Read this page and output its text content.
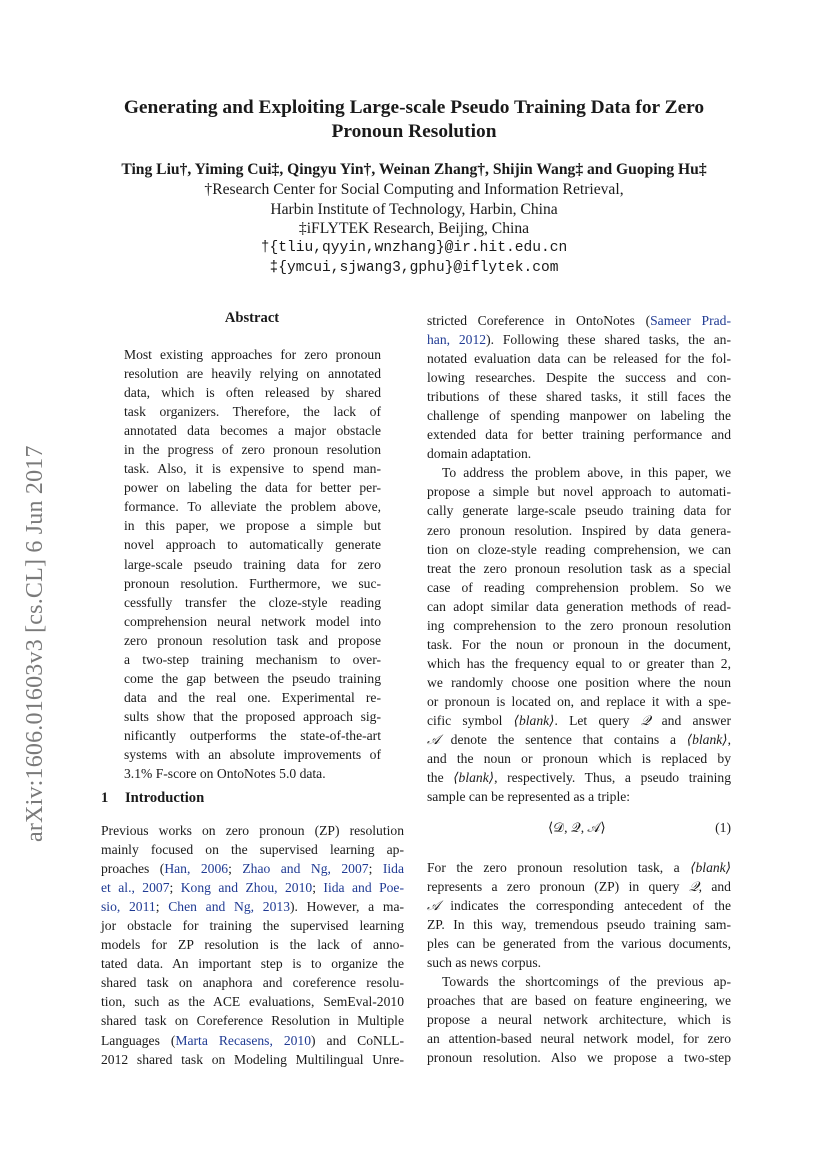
arXiv:1606.01603v3 [cs.CL] 6 Jun 2017
Generating and Exploiting Large-scale Pseudo Training Data for Zero Pronoun Resolution
Ting Liu†, Yiming Cui‡, Qingyu Yin†, Weinan Zhang†, Shijin Wang‡ and Guoping Hu‡
†Research Center for Social Computing and Information Retrieval,
Harbin Institute of Technology, Harbin, China
‡iFLYTEK Research, Beijing, China
†{tliu,qyyin,wnzhang}@ir.hit.edu.cn
‡{ymcui,sjwang3,gphu}@iflytek.com
Abstract
Most existing approaches for zero pronoun
resolution are heavily relying on annotated
data, which is often released by shared
task organizers. Therefore, the lack of
annotated data becomes a major obstacle
in the progress of zero pronoun resolution
task. Also, it is expensive to spend man-
power on labeling the data for better per-
formance. To alleviate the problem above,
in this paper, we propose a simple but
novel approach to automatically generate
large-scale pseudo training data for zero
pronoun resolution. Furthermore, we suc-
cessfully transfer the cloze-style reading
comprehension neural network model into
zero pronoun resolution task and propose
a two-step training mechanism to over-
come the gap between the pseudo training
data and the real one. Experimental re-
sults show that the proposed approach sig-
nificantly outperforms the state-of-the-art
systems with an absolute improvements of
3.1% F-score on OntoNotes 5.0 data.
1 Introduction
Previous works on zero pronoun (ZP) resolution
mainly focused on the supervised learning ap-
proaches (Han, 2006; Zhao and Ng, 2007; Iida
et al., 2007; Kong and Zhou, 2010; Iida and Poe-
sio, 2011; Chen and Ng, 2013). However, a ma-
jor obstacle for training the supervised learning
models for ZP resolution is the lack of anno-
tated data. An important step is to organize the
shared task on anaphora and coreference resolu-
tion, such as the ACE evaluations, SemEval-2010
shared task on Coreference Resolution in Multiple
Languages (Marta Recasens, 2010) and CoNLL-
2012 shared task on Modeling Multilingual Unre-
stricted Coreference in OntoNotes (Sameer Prad-
han, 2012). Following these shared tasks, the an-
notated evaluation data can be released for the fol-
lowing researches. Despite the success and con-
tributions of these shared tasks, it still faces the
challenge of spending manpower on labeling the
extended data for better training performance and
domain adaptation.
To address the problem above, in this paper, we
propose a simple but novel approach to automati-
cally generate large-scale pseudo training data for
zero pronoun resolution. Inspired by data genera-
tion on cloze-style reading comprehension, we can
treat the zero pronoun resolution task as a special
case of reading comprehension problem. So we
can adopt similar data generation methods of read-
ing comprehension to the zero pronoun resolution
task. For the noun or pronoun in the document,
which has the frequency equal to or greater than 2,
we randomly choose one position where the noun
or pronoun is located on, and replace it with a spe-
cific symbol ⟨blank⟩. Let query 𝒬 and answer
𝒜 denote the sentence that contains a ⟨blank⟩,
and the noun or pronoun which is replaced by
the ⟨blank⟩, respectively. Thus, a pseudo training
sample can be represented as a triple:
⟨𝒟, 𝒬, 𝒜⟩	(1)
For the zero pronoun resolution task, a ⟨blank⟩
represents a zero pronoun (ZP) in query 𝒬, and
𝒜 indicates the corresponding antecedent of the
ZP. In this way, tremendous pseudo training sam-
ples can be generated from the various documents,
such as news corpus.
Towards the shortcomings of the previous ap-
proaches that are based on feature engineering, we
propose a neural network architecture, which is
an attention-based neural network model, for zero
pronoun resolution. Also we propose a two-step
